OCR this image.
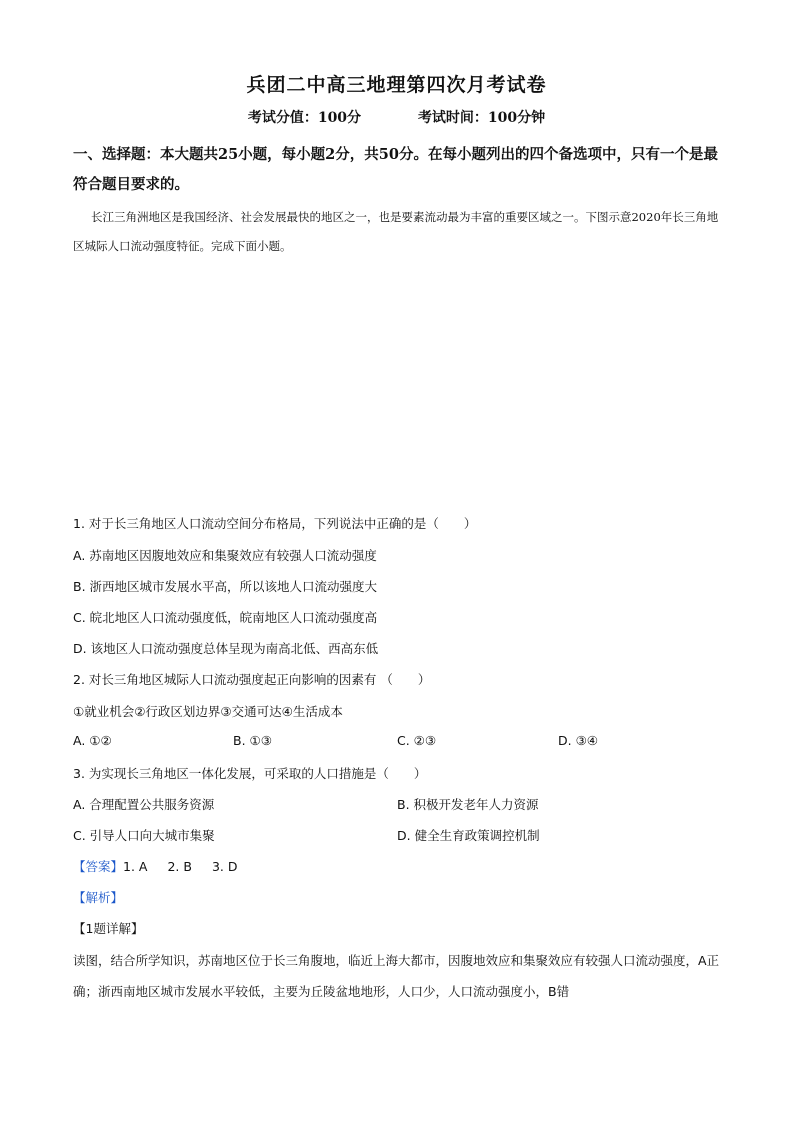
兵团二中高三地理第四次月考试卷
考试分值：100分	考试时间：100分钟
一、选择题：本大题共25小题，每小题2分，共50分。在每小题列出的四个备选项中，只有一个是最符合题目要求的。
长江三角洲地区是我国经济、社会发展最快的地区之一，也是要素流动最为丰富的重要区域之一。下图示意2020年长三角地区城际人口流动强度特征。完成下面小题。
1. 对于长三角地区人口流动空间分布格局，下列说法中正确的是（　　）
A. 苏南地区因腹地效应和集聚效应有较强人口流动强度
B. 浙西地区城市发展水平高，所以该地人口流动强度大
C. 皖北地区人口流动强度低，皖南地区人口流动强度高
D. 该地区人口流动强度总体呈现为南高北低、西高东低
2. 对长三角地区城际人口流动强度起正向影响的因素有 （　　）
①就业机会②行政区划边界③交通可达④生活成本
A. ①②	B. ①③	C. ②③	D. ③④
3. 为实现长三角地区一体化发展，可采取的人口措施是（　　）
A. 合理配置公共服务资源	B. 积极开发老年人力资源
C. 引导人口向大城市集聚	D. 健全生育政策调控机制
【答案】1. A 2. B 3. D
【解析】
【1题详解】
读图，结合所学知识，苏南地区位于长三角腹地，临近上海大都市，因腹地效应和集聚效应有较强人口流动强度，A正确；浙西南地区城市发展水平较低，主要为丘陵盆地地形，人口少，人口流动强度小，B错
